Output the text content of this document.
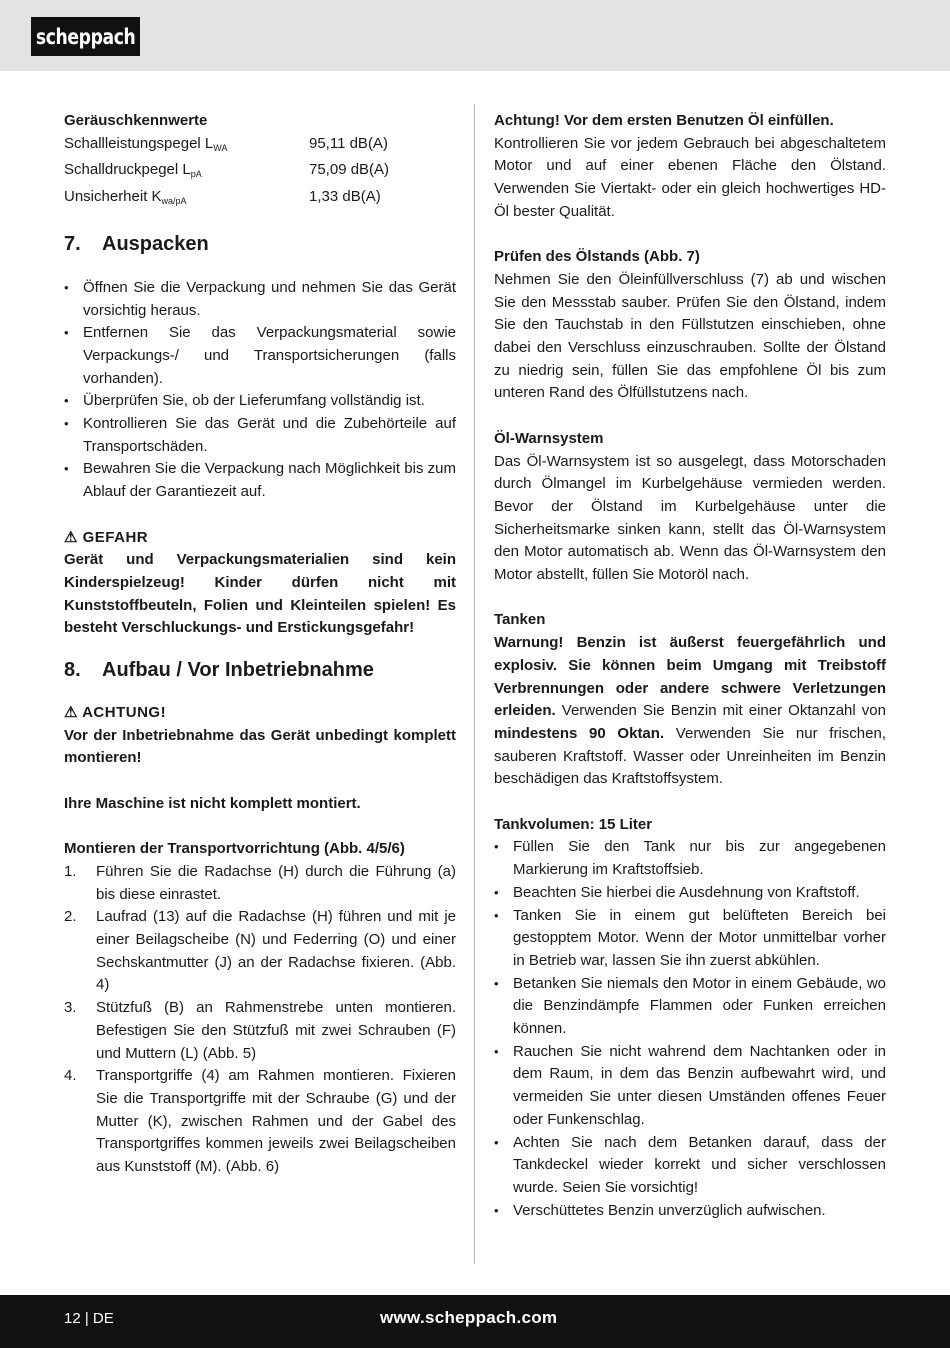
scheppach
Geräuschkennwerte
Schallleistungspegel $L_{WA}$	95,11 dB(A)
Schalldruckpegel $L_{pA}$	75,09 dB(A)
Unsicherheit $K_{wa/pA}$	1,33 dB(A)
7.	Auspacken
• Öffnen Sie die Verpackung und nehmen Sie das Gerät vorsichtig heraus.
• Entfernen Sie das Verpackungsmaterial sowie Verpackungs-/ und Transportsicherungen (falls vorhanden).
• Überprüfen Sie, ob der Lieferumfang vollständig ist.
• Kontrollieren Sie das Gerät und die Zubehörteile auf Transportschäden.
• Bewahren Sie die Verpackung nach Möglichkeit bis zum Ablauf der Garantiezeit auf.
⚠ GEFAHR
Gerät und Verpackungsmaterialien sind kein Kinderspielzeug! Kinder dürfen nicht mit Kunststoffbeuteln, Folien und Kleinteilen spielen! Es besteht Verschluckungs- und Erstickungsgefahr!
8.	Aufbau / Vor Inbetriebnahme
⚠ ACHTUNG!
Vor der Inbetriebnahme das Gerät unbedingt komplett montieren!
Ihre Maschine ist nicht komplett montiert.
Montieren der Transportvorrichtung (Abb. 4/5/6)
1. Führen Sie die Radachse (H) durch die Führung (a) bis diese einrastet.
2. Laufrad (13) auf die Radachse (H) führen und mit je einer Beilagscheibe (N) und Federring (O) und einer Sechskantmutter (J) an der Radachse fixieren. (Abb. 4)
3. Stützfuß (B) an Rahmenstrebe unten montieren. Befestigen Sie den Stützfuß mit zwei Schrauben (F) und Muttern (L) (Abb. 5)
4. Transportgriffe (4) am Rahmen montieren. Fixieren Sie die Transportgriffe mit der Schraube (G) und der Mutter (K), zwischen Rahmen und der Gabel des Transportgriffes kommen jeweils zwei Beilagscheiben aus Kunststoff (M). (Abb. 6)
Achtung! Vor dem ersten Benutzen Öl einfüllen.
Kontrollieren Sie vor jedem Gebrauch bei abgeschaltetem Motor und auf einer ebenen Fläche den Ölstand. Verwenden Sie Viertakt- oder ein gleich hochwertiges HD-Öl bester Qualität.
Prüfen des Ölstands (Abb. 7)
Nehmen Sie den Öleinfüllverschluss (7) ab und wischen Sie den Messstab sauber. Prüfen Sie den Ölstand, indem Sie den Tauchstab in den Füllstutzen einschieben, ohne dabei den Verschluss einzuschrauben. Sollte der Ölstand zu niedrig sein, füllen Sie das empfohlene Öl bis zum unteren Rand des Ölfüllstutzens nach.
Öl-Warnsystem
Das Öl-Warnsystem ist so ausgelegt, dass Motorschaden durch Ölmangel im Kurbelgehäuse vermieden werden. Bevor der Ölstand im Kurbelgehäuse unter die Sicherheitsmarke sinken kann, stellt das Öl-Warnsystem den Motor automatisch ab. Wenn das Öl-Warnsystem den Motor abstellt, füllen Sie Motoröl nach.
Tanken
Warnung! Benzin ist äußerst feuergefährlich und explosiv. Sie können beim Umgang mit Treibstoff Verbrennungen oder andere schwere Verletzungen erleiden. Verwenden Sie Benzin mit einer Oktanzahl von mindestens 90 Oktan. Verwenden Sie nur frischen, sauberen Kraftstoff. Wasser oder Unreinheiten im Benzin beschädigen das Kraftstoffsystem.
Tankvolumen: 15 Liter
• Füllen Sie den Tank nur bis zur angegebenen Markierung im Kraftstoffsieb.
• Beachten Sie hierbei die Ausdehnung von Kraftstoff.
• Tanken Sie in einem gut belüfteten Bereich bei gestopptem Motor. Wenn der Motor unmittelbar vorher in Betrieb war, lassen Sie ihn zuerst abkühlen.
• Betanken Sie niemals den Motor in einem Gebäude, wo die Benzindämpfe Flammen oder Funken erreichen können.
• Rauchen Sie nicht wahrend dem Nachtanken oder in dem Raum, in dem das Benzin aufbewahrt wird, und vermeiden Sie unter diesen Umständen offenes Feuer oder Funkenschlag.
• Achten Sie nach dem Betanken darauf, dass der Tankdeckel wieder korrekt und sicher verschlossen wurde. Seien Sie vorsichtig!
• Verschüttetes Benzin unverzüglich aufwischen.
12 | DE	www.scheppach.com
